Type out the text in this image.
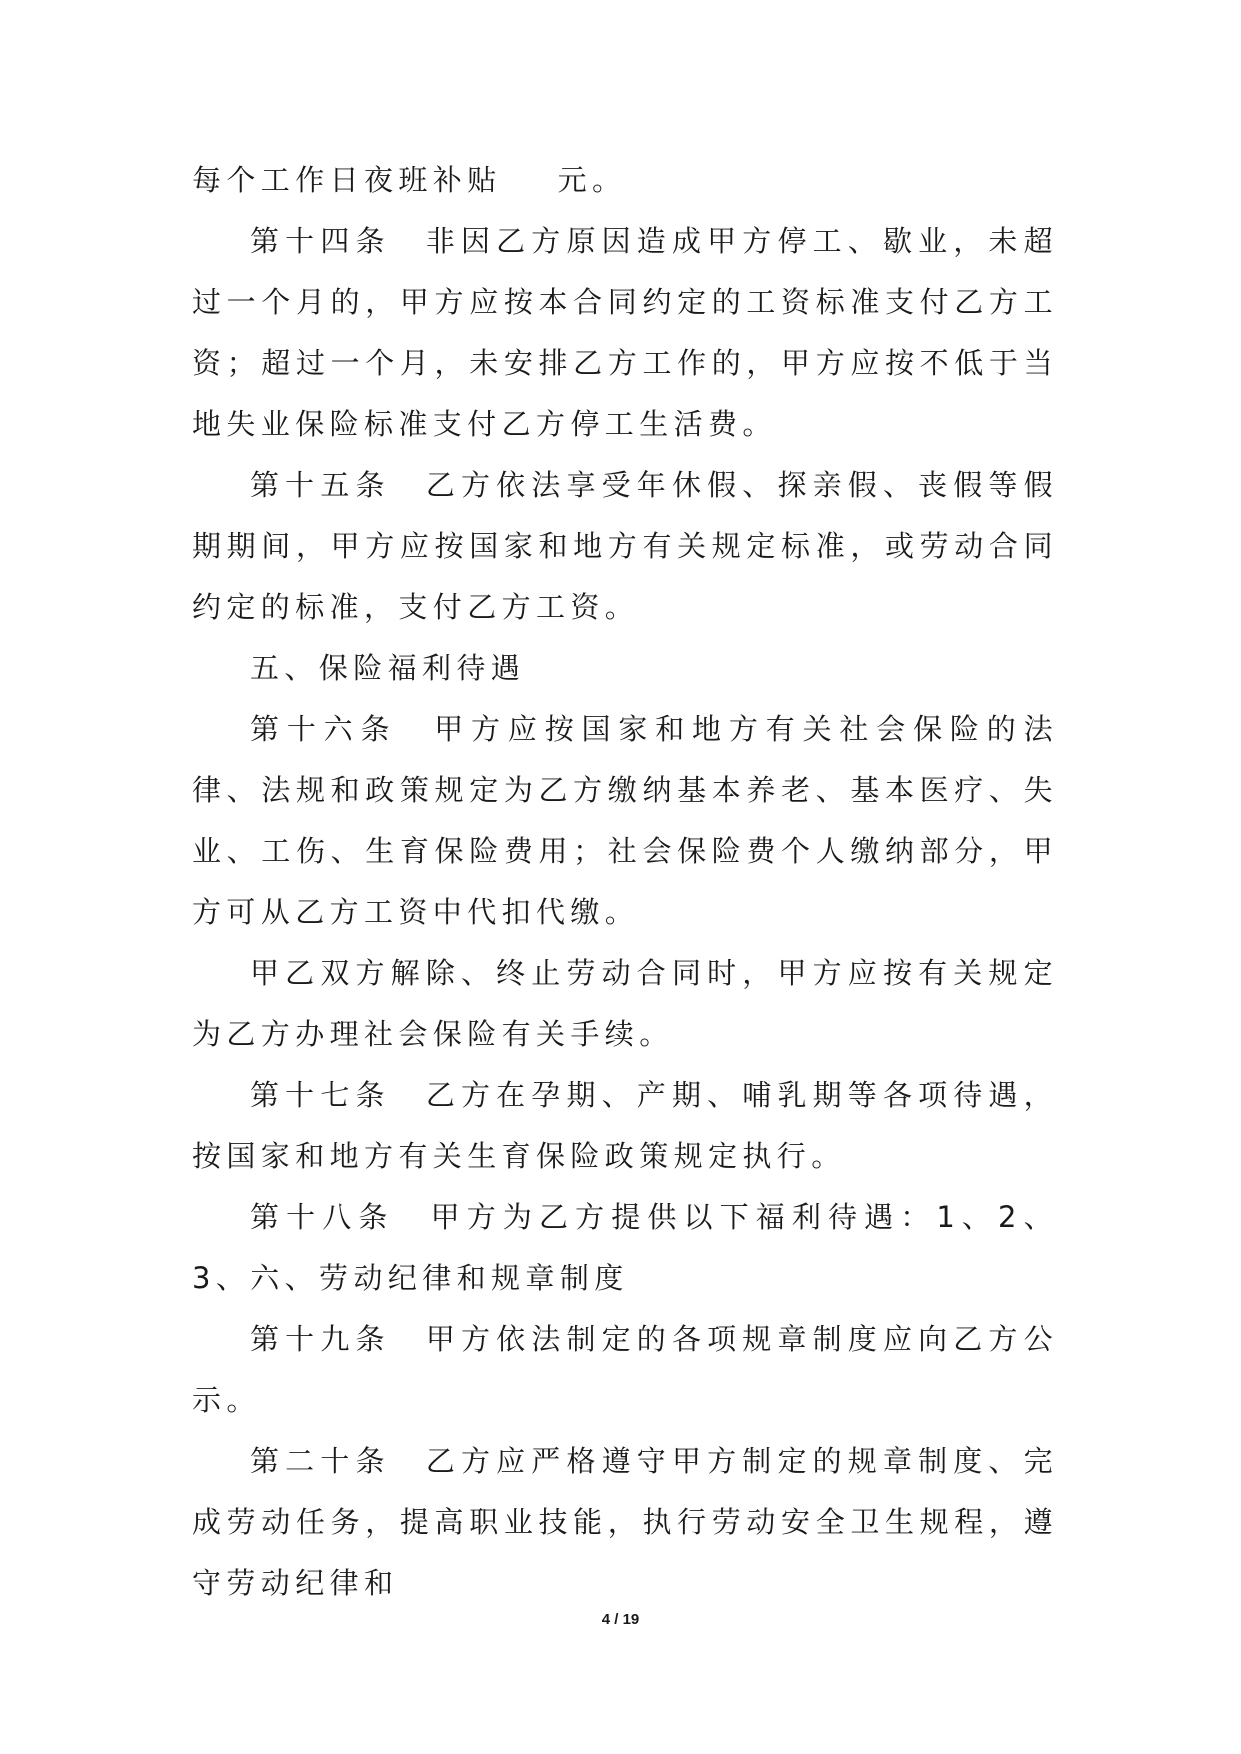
每个工作日夜班补贴 元。

第十四条　非因乙方原因造成甲方停工、歇业，未超过一个月的，甲方应按本合同约定的工资标准支付乙方工资；超过一个月，未安排乙方工作的，甲方应按不低于当地失业保险标准支付乙方停工生活费。

第十五条　乙方依法享受年休假、探亲假、丧假等假期期间，甲方应按国家和地方有关规定标准，或劳动合同约定的标准，支付乙方工资。

五、保险福利待遇

第十六条　甲方应按国家和地方有关社会保险的法律、法规和政策规定为乙方缴纳基本养老、基本医疗、失业、工伤、生育保险费用；社会保险费个人缴纳部分，甲方可从乙方工资中代扣代缴。

甲乙双方解除、终止劳动合同时，甲方应按有关规定为乙方办理社会保险有关手续。

第十七条　乙方在孕期、产期、哺乳期等各项待遇，按国家和地方有关生育保险政策规定执行。

第十八条　甲方为乙方提供以下福利待遇：1、2、3、六、劳动纪律和规章制度

第十九条　甲方依法制定的各项规章制度应向乙方公示。

第二十条　乙方应严格遵守甲方制定的规章制度、完成劳动任务，提高职业技能，执行劳动安全卫生规程，遵守劳动纪律和

4 / 19
